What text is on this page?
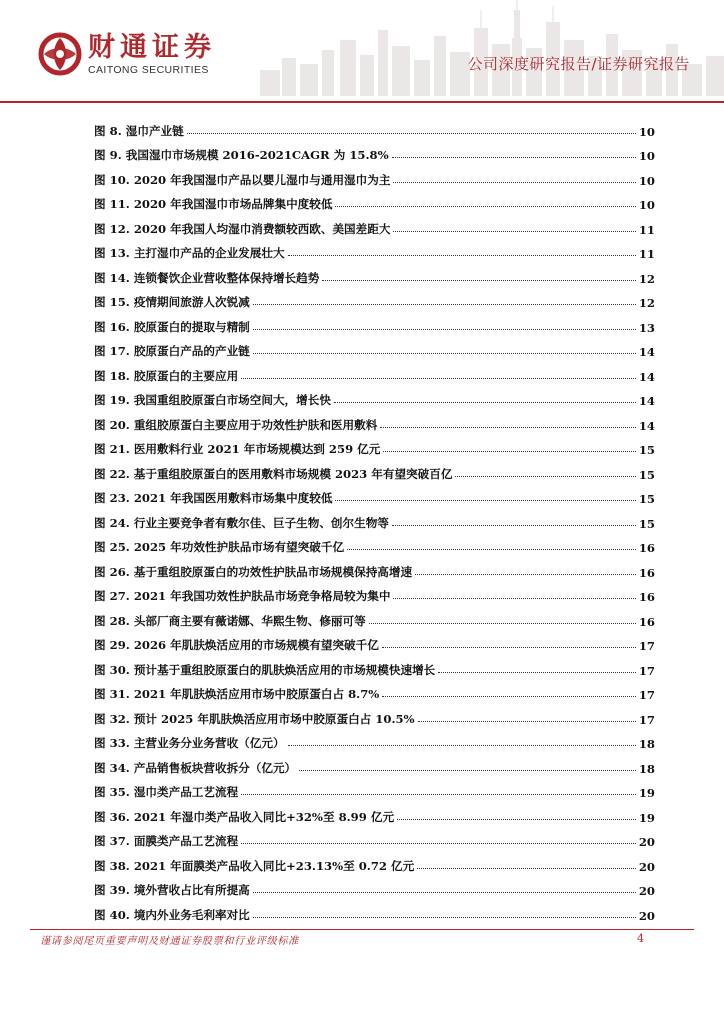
财通证券
CAITONG SECURITIES	公司深度研究报告/证券研究报告
图 8. 湿巾产业链	10
图 9. 我国湿巾市场规模 2016-2021CAGR 为 15.8%	10
图 10. 2020 年我国湿巾产品以婴儿湿巾与通用湿巾为主	10
图 11. 2020 年我国湿巾市场品牌集中度较低	10
图 12. 2020 年我国人均湿巾消费额较西欧、美国差距大	11
图 13. 主打湿巾产品的企业发展壮大	11
图 14. 连锁餐饮企业营收整体保持增长趋势	12
图 15. 疫情期间旅游人次锐减	12
图 16. 胶原蛋白的提取与精制	13
图 17. 胶原蛋白产品的产业链	14
图 18. 胶原蛋白的主要应用	14
图 19. 我国重组胶原蛋白市场空间大，增长快	14
图 20. 重组胶原蛋白主要应用于功效性护肤和医用敷料	14
图 21. 医用敷料行业 2021 年市场规模达到 259 亿元	15
图 22. 基于重组胶原蛋白的医用敷料市场规模 2023 年有望突破百亿	15
图 23. 2021 年我国医用敷料市场集中度较低	15
图 24. 行业主要竞争者有敷尔佳、巨子生物、创尔生物等	15
图 25. 2025 年功效性护肤品市场有望突破千亿	16
图 26. 基于重组胶原蛋白的功效性护肤品市场规模保持高增速	16
图 27. 2021 年我国功效性护肤品市场竞争格局较为集中	16
图 28. 头部厂商主要有薇诺娜、华熙生物、修丽可等	16
图 29. 2026 年肌肤焕活应用的市场规模有望突破千亿	17
图 30. 预计基于重组胶原蛋白的肌肤焕活应用的市场规模快速增长	17
图 31. 2021 年肌肤焕活应用市场中胶原蛋白占 8.7%	17
图 32. 预计 2025 年肌肤焕活应用市场中胶原蛋白占 10.5%	17
图 33. 主营业务分业务营收（亿元）	18
图 34. 产品销售板块营收拆分（亿元）	18
图 35. 湿巾类产品工艺流程	19
图 36. 2021 年湿巾类产品收入同比+32%至 8.99 亿元	19
图 37. 面膜类产品工艺流程	20
图 38. 2021 年面膜类产品收入同比+23.13%至 0.72 亿元	20
图 39. 境外营收占比有所提高	20
图 40. 境内外业务毛利率对比	20
谨请参阅尾页重要声明及财通证券股票和行业评级标准	4
